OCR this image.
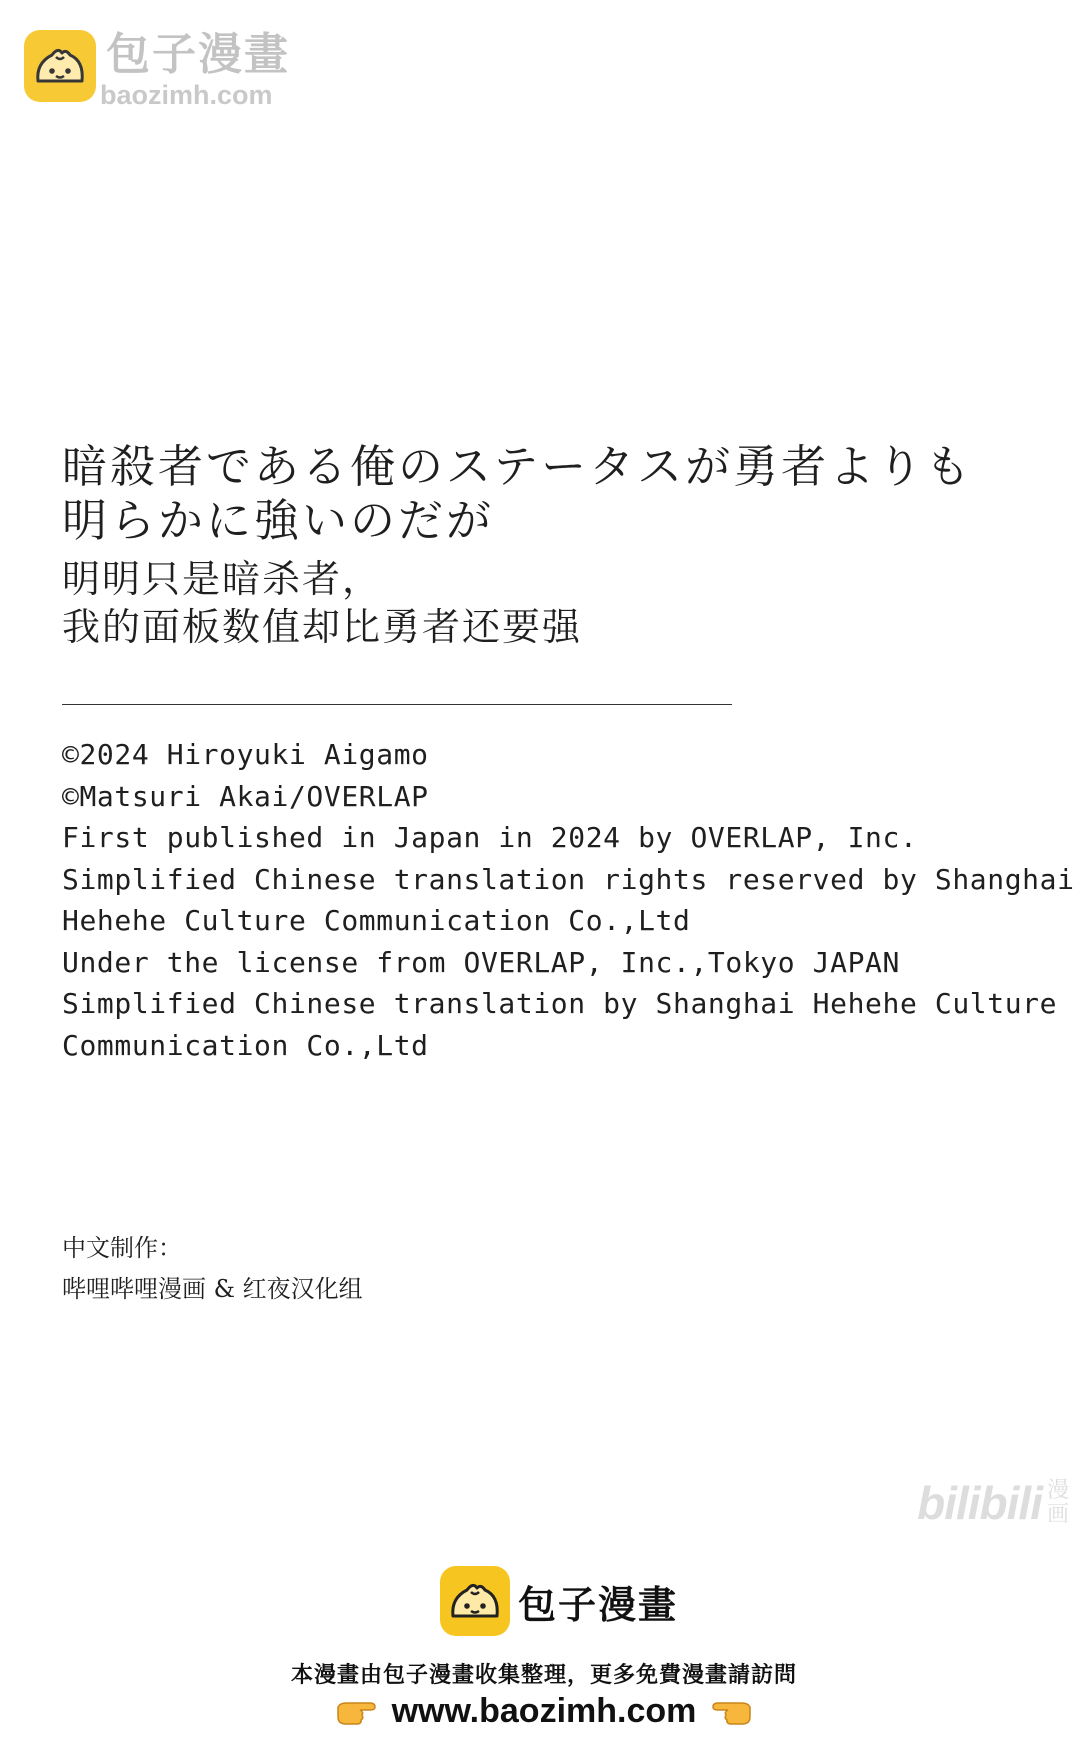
包子漫畫
baozimh.com
暗殺者である俺のステータスが勇者よりも
明らかに強いのだが
明明只是暗杀者，
我的面板数值却比勇者还要强
©2024 Hiroyuki Aigamo
©Matsuri Akai/OVERLAP
First published in Japan in 2024 by OVERLAP, Inc.
Simplified Chinese translation rights reserved by Shanghai
Hehehe Culture Communication Co.,Ltd
Under the license from OVERLAP, Inc.,Tokyo JAPAN
Simplified Chinese translation by Shanghai Hehehe Culture
Communication Co.,Ltd
中文制作：
哔哩哔哩漫画 & 红夜汉化组
bilibili 漫画
包子漫畫
本漫畫由包子漫畫收集整理，更多免費漫畫請訪問
www.baozimh.com
